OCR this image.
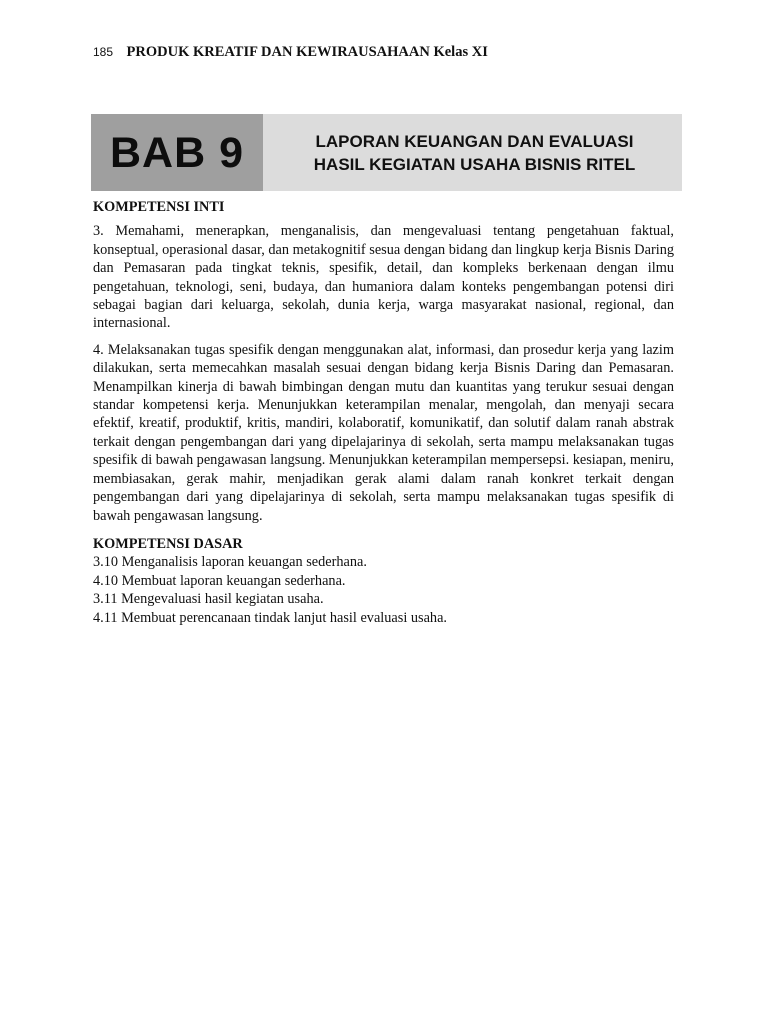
185 PRODUK KREATIF DAN KEWIRAUSAHAAN Kelas XI
BAB 9	LAPORAN KEUANGAN DAN EVALUASI
HASIL KEGIATAN USAHA BISNIS RITEL

KOMPETENSI INTI

3. Memahami, menerapkan, menganalisis, dan mengevaluasi tentang pengetahuan faktual, konseptual, operasional dasar, dan metakognitif sesua dengan bidang dan lingkup kerja Bisnis Daring dan Pemasaran pada tingkat teknis, spesifik, detail, dan kompleks berkenaan dengan ilmu pengetahuan, teknologi, seni, budaya, dan humaniora dalam konteks pengembangan potensi diri sebagai bagian dari keluarga, sekolah, dunia kerja, warga masyarakat nasional, regional, dan internasional.

4. Melaksanakan tugas spesifik dengan menggunakan alat, informasi, dan prosedur kerja yang lazim dilakukan, serta memecahkan masalah sesuai dengan bidang kerja Bisnis Daring dan Pemasaran. Menampilkan kinerja di bawah bimbingan dengan mutu dan kuantitas yang terukur sesuai dengan standar kompetensi kerja. Menunjukkan keterampilan menalar, mengolah, dan menyaji secara efektif, kreatif, produktif, kritis, mandiri, kolaboratif, komunikatif, dan solutif dalam ranah abstrak terkait dengan pengembangan dari yang dipelajarinya di sekolah, serta mampu melaksanakan tugas spesifik di bawah pengawasan langsung. Menunjukkan keterampilan mempersepsi. kesiapan, meniru, membiasakan, gerak mahir, menjadikan gerak alami dalam ranah konkret terkait dengan pengembangan dari yang dipelajarinya di sekolah, serta mampu melaksanakan tugas spesifik di bawah pengawasan langsung.

KOMPETENSI DASAR

3.10 Menganalisis laporan keuangan sederhana.
4.10 Membuat laporan keuangan sederhana.
3.11 Mengevaluasi hasil kegiatan usaha.
4.11 Membuat perencanaan tindak lanjut hasil evaluasi usaha.
